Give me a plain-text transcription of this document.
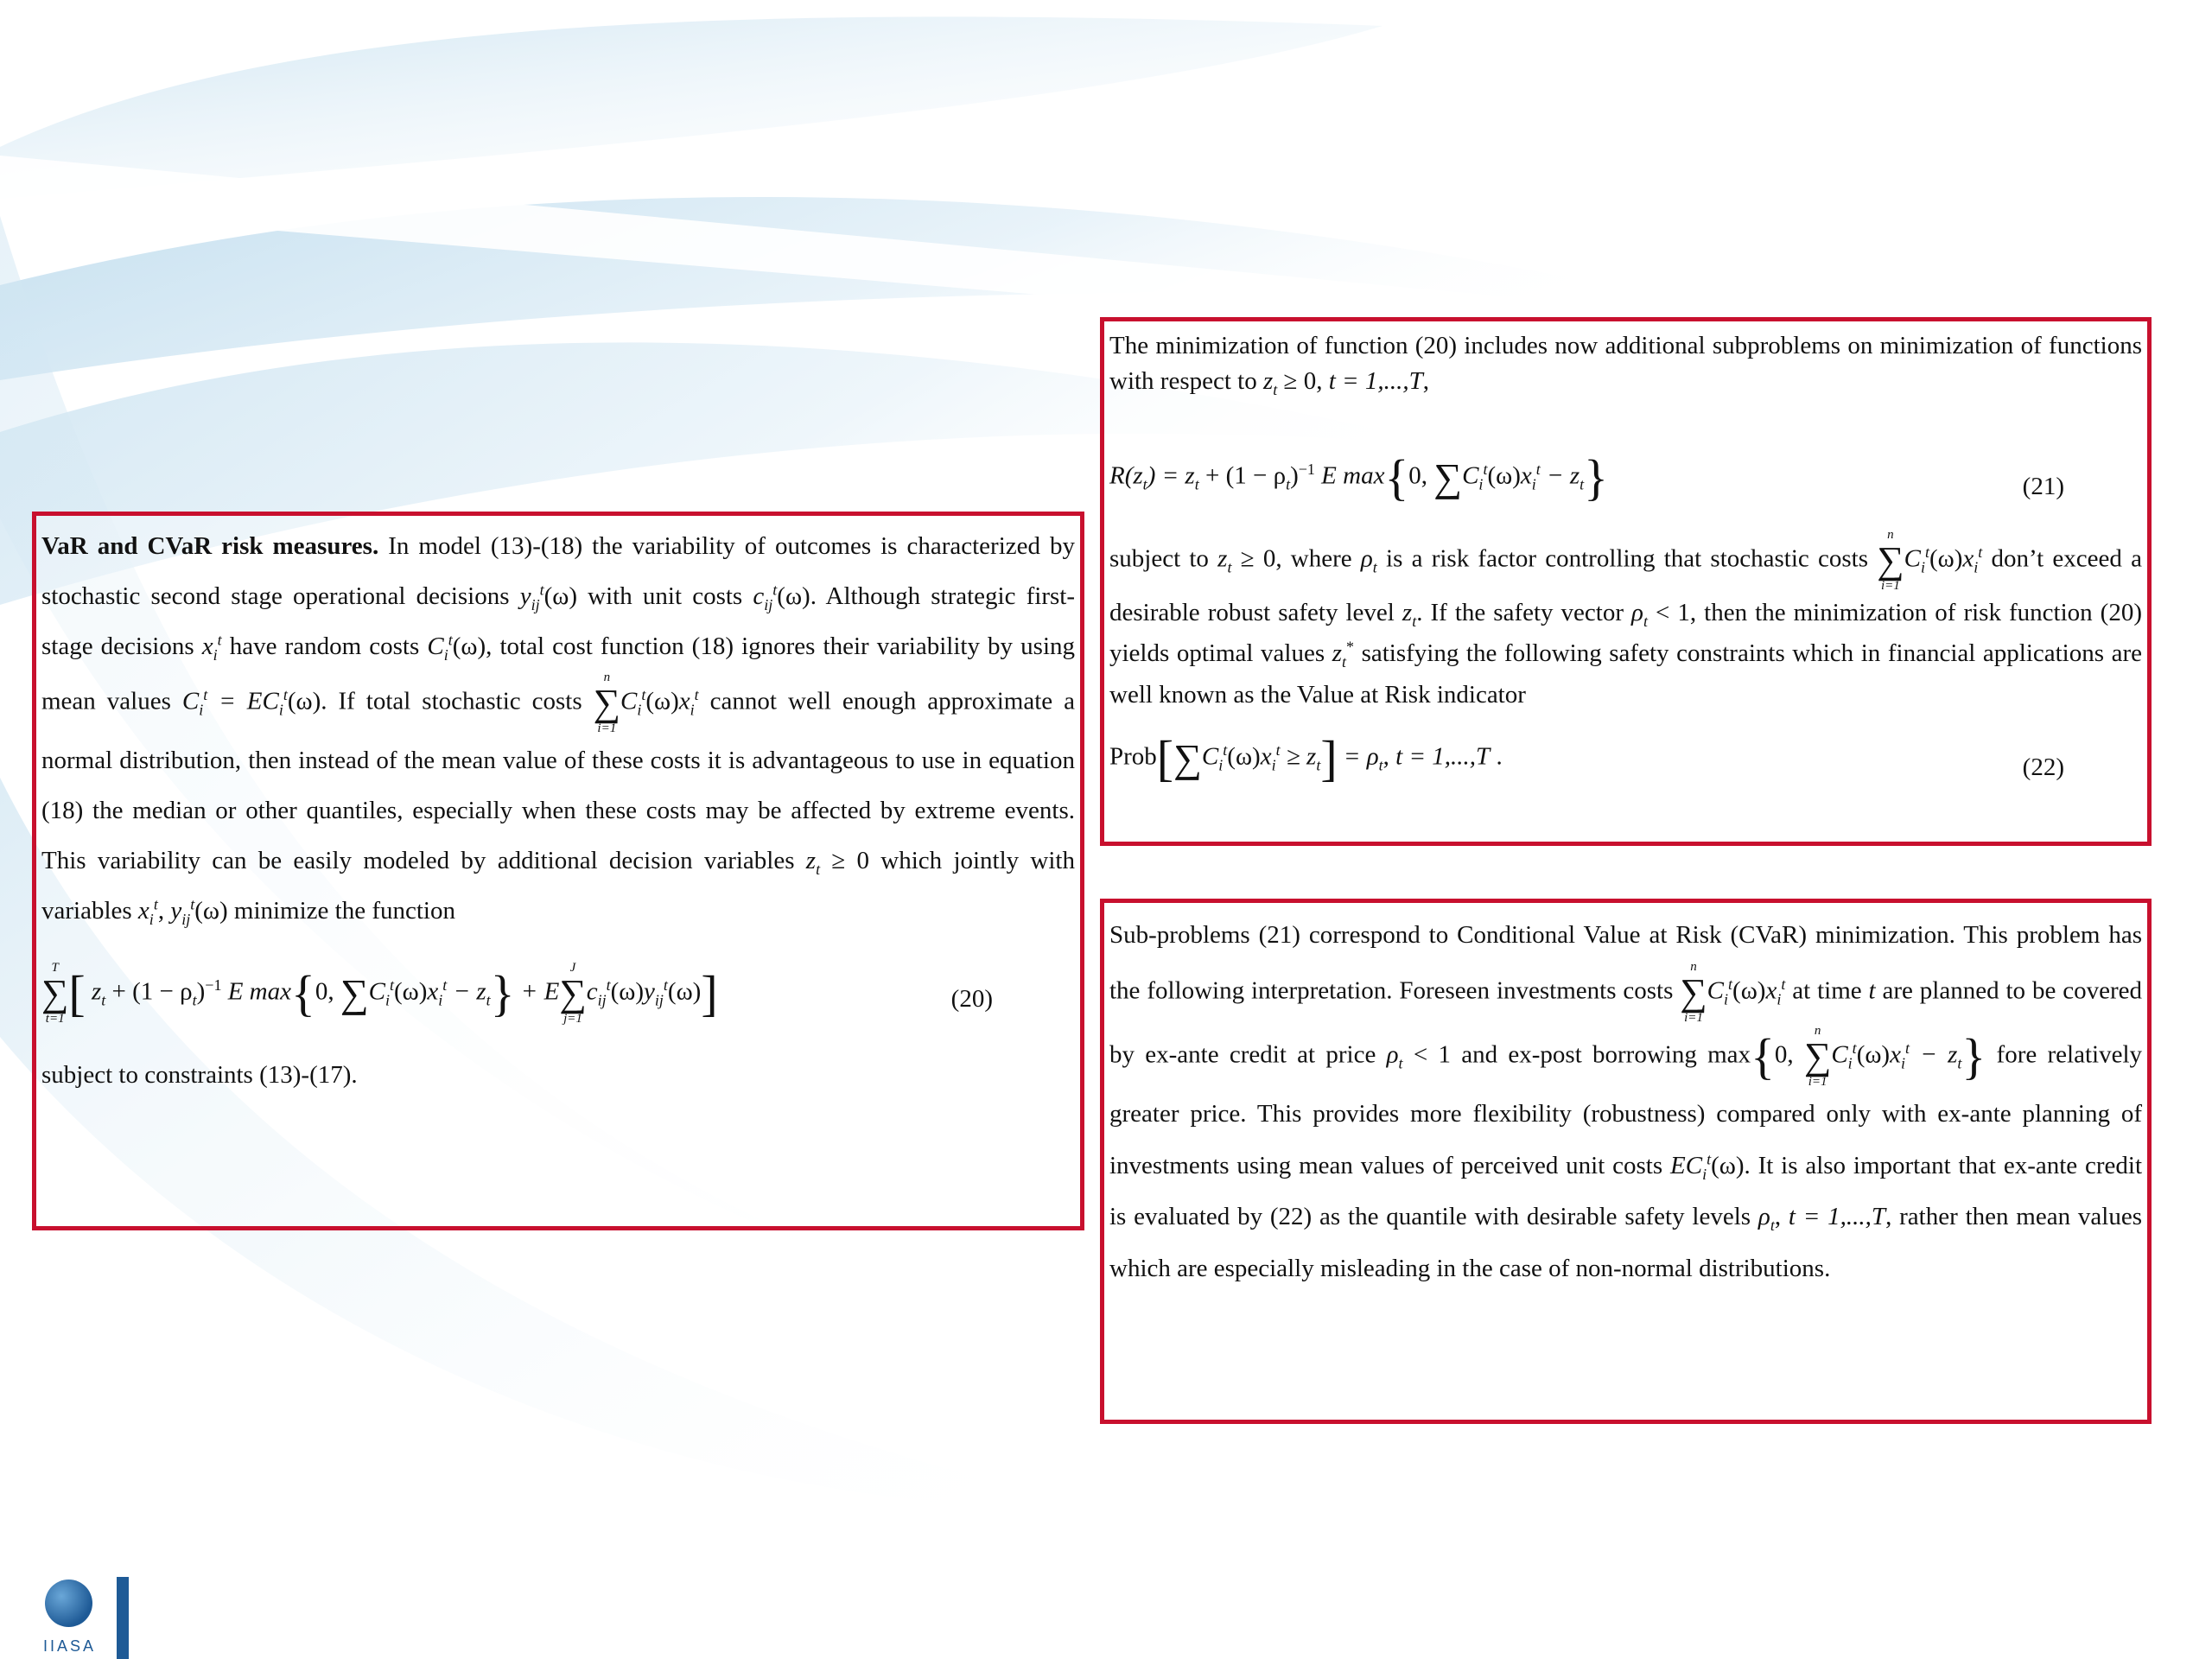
VaR and CVaR risk measures. In model (13)-(18) the variability of outcomes is characterized by stochastic second stage operational decisions $y_{ij}^t(\omega)$ with unit costs $c_{ij}^t(\omega)$. Although strategic first-stage decisions $x_i^t$ have random costs $C_i^t(\omega)$, total cost function (18) ignores their variability by using mean values $C_i^t = EC_i^t(\omega)$. If total stochastic costs
n
∑
i=1
$C_i^t(\omega)x_i^t$ cannot well enough approximate a normal distribution, then instead of the mean value of these costs it is advantageous to use in equation (18) the median or other quantiles, especially when these costs may be affected by extreme events. This variability can be easily modeled by additional decision variables $z_t \ge 0$ which jointly with variables $x_i^t$, $y_{ij}^t(\omega)$ minimize the function

T
∑
t=1 [ $z_t + (1 - \rho_t)^{-1}$ E max{0, $\sum C_i^t(\omega)x_i^t - z_t\} + E$
J
∑
j=1
$c_{ij}^t(\omega)y_{ij}^t(\omega)$]	(20)

subject to constraints (13)-(17).

The minimization of function (20) includes now additional subproblems on minimization of functions with respect to $z_t \ge 0$, t = 1,...,T,

$R(z_t) = z_t + (1 - \rho_t)^{-1}$ E max{0, $\sum C_i^t(\omega)x_i^t - z_t$}	(21)

subject to $z_t \ge 0$, where $\rho_t$ is a risk factor controlling that stochastic costs
n
∑
i=1
$C_i^t(\omega)x_i^t$ don’t exceed a desirable robust safety level $z_t$. If the safety vector $\rho_t < 1$, then the minimization of risk function (20) yields optimal values $z_t^*$ satisfying the following safety constraints which in financial applications are well known as the Value at Risk indicator

$Prob[\sum C_i^t(\omega)x_i^t \ge z_t] = \rho_t$, t = 1,...,T .	(22)

Sub-problems (21) correspond to Conditional Value at Risk (CVaR) minimization. This problem has the following interpretation. Foreseen investments costs
n
∑
i=1
$C_i^t(\omega)x_i^t$ at time t are planned to be covered by ex-ante credit at price $\rho_t < 1$ and ex-post borrowing max{0,
n
∑
i=1
$C_i^t(\omega)x_i^t - z_t$} fore relatively greater price. This provides more flexibility (robustness) compared only with ex-ante planning of investments using mean values of perceived unit costs $EC_i^t(\omega)$. It is also important that ex-ante credit is evaluated by (22) as the quantile with desirable safety levels $\rho_t$, t = 1,...,T, rather then mean values which are especially misleading in the case of non-normal distributions.

IIASA
